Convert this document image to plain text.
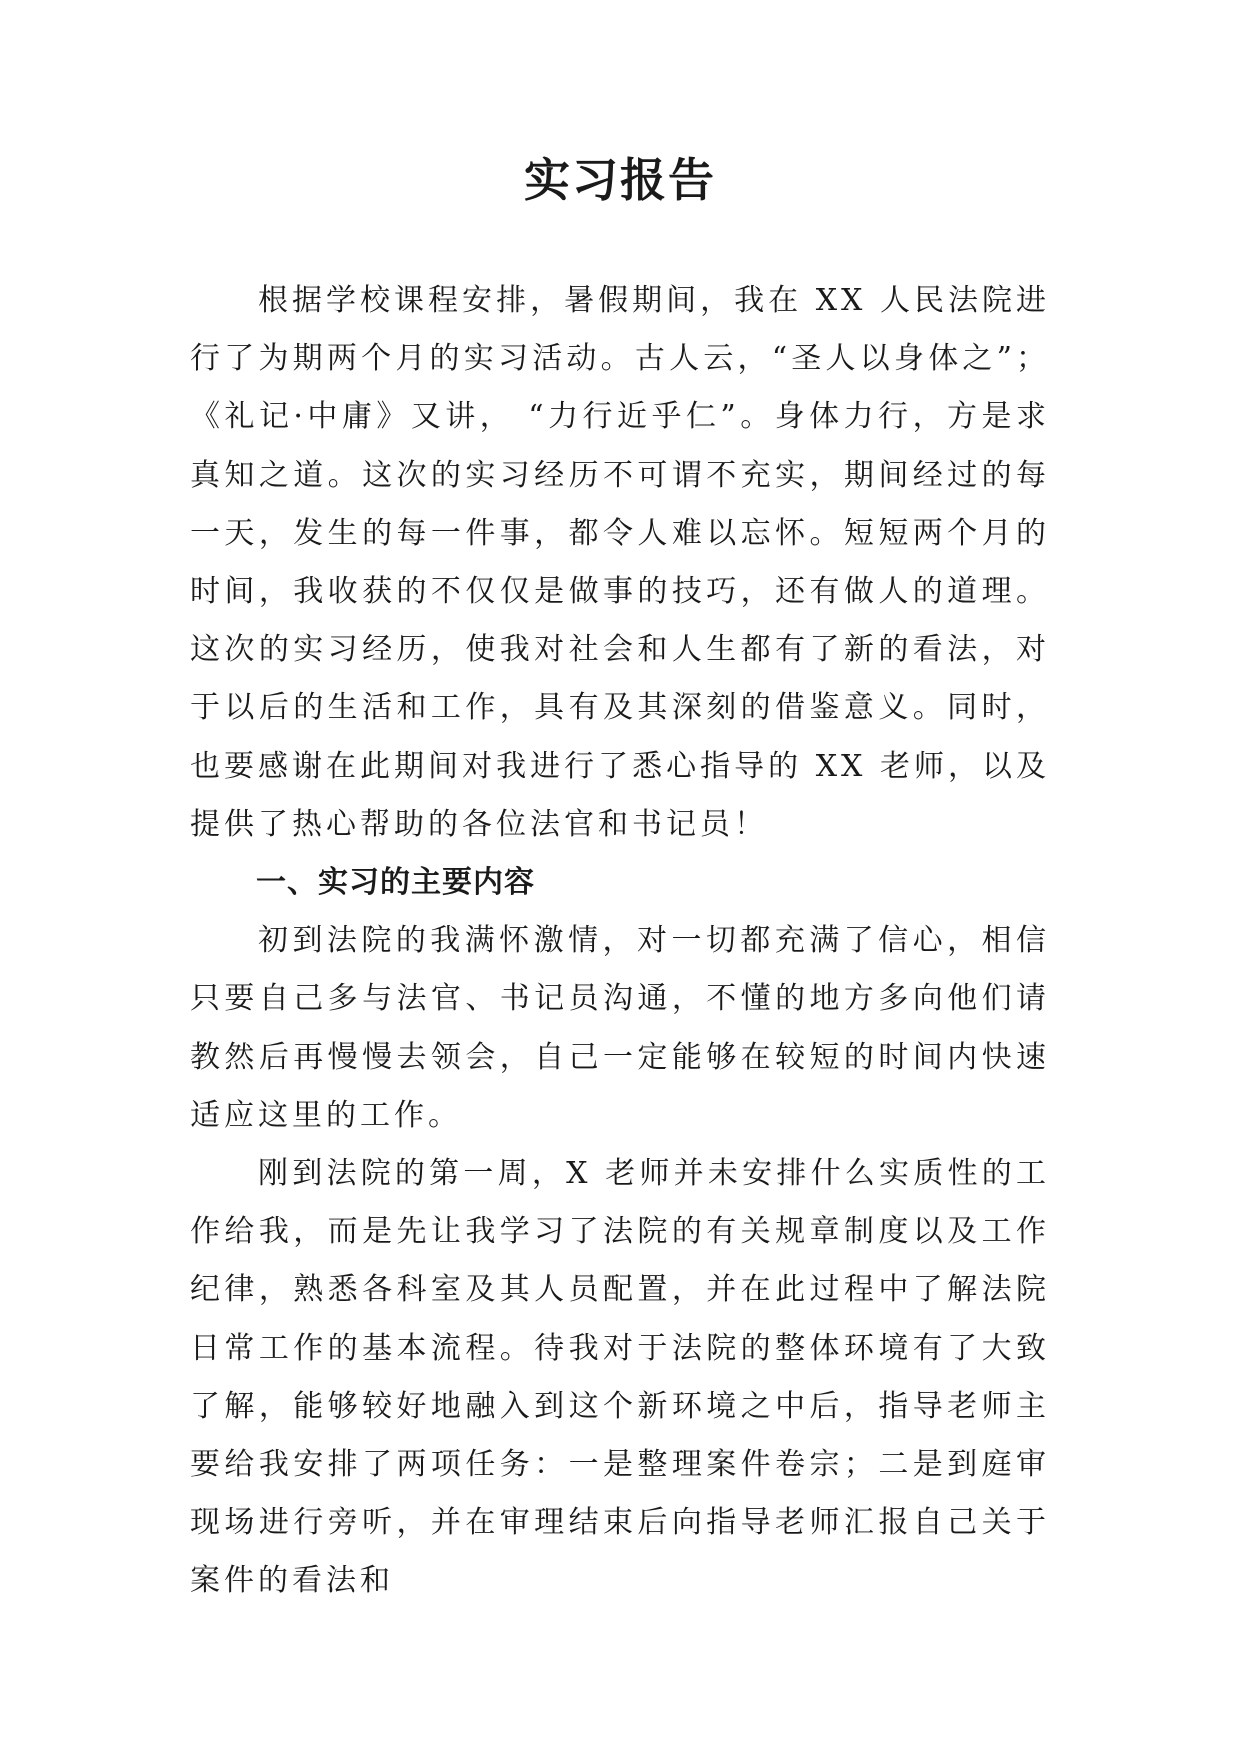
实习报告

根据学校课程安排，暑假期间，我在 XX 人民法院进行了为期两个月的实习活动。古人云，“圣人以身体之”；《礼记·中庸》又讲， “力行近乎仁”。身体力行，方是求真知之道。这次的实习经历不可谓不充实，期间经过的每一天，发生的每一件事，都令人难以忘怀。短短两个月的时间，我收获的不仅仅是做事的技巧，还有做人的道理。这次的实习经历，使我对社会和人生都有了新的看法，对于以后的生活和工作，具有及其深刻的借鉴意义。同时，也要感谢在此期间对我进行了悉心指导的 XX 老师，以及提供了热心帮助的各位法官和书记员！

一、实习的主要内容

初到法院的我满怀激情，对一切都充满了信心，相信只要自己多与法官、书记员沟通，不懂的地方多向他们请教然后再慢慢去领会，自己一定能够在较短的时间内快速适应这里的工作。

刚到法院的第一周，X 老师并未安排什么实质性的工作给我，而是先让我学习了法院的有关规章制度以及工作纪律，熟悉各科室及其人员配置，并在此过程中了解法院日常工作的基本流程。待我对于法院的整体环境有了大致了解，能够较好地融入到这个新环境之中后，指导老师主要给我安排了两项任务：一是整理案件卷宗；二是到庭审现场进行旁听，并在审理结束后向指导老师汇报自己关于案件的看法和
